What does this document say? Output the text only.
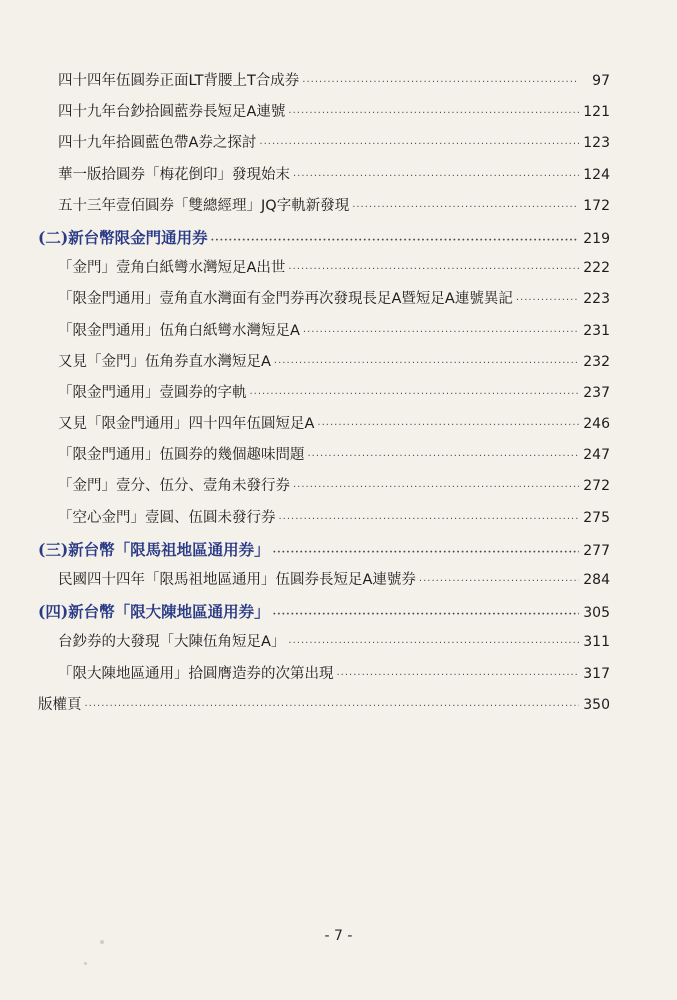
四十四年伍圓券正面LT背腰上T合成券 ·····	97
四十九年台鈔拾圓藍券長短足A連號 ·····	121
四十九年拾圓藍色帶A券之探討 ·····	123
華一版拾圓券「梅花倒印」發現始末 ·····	124
五十三年壹佰圓券「雙總經理」JQ字軌新發現 ·····	172
(二)新台幣限金門通用券 ·····	219
「金門」壹角白紙彎水灣短足A出世 ·····	222
「限金門通用」壹角直水灣面有金門券再次發現長足A暨短足A連號異記 ·····	223
「限金門通用」伍角白紙彎水灣短足A ·····	231
又見「金門」伍角券直水灣短足A ·····	232
「限金門通用」壹圓券的字軌 ·····	237
又見「限金門通用」四十四年伍圓短足A ·····	246
「限金門通用」伍圓券的幾個趣味問題 ·····	247
「金門」壹分、伍分、壹角未發行券 ·····	272
「空心金門」壹圓、伍圓未發行券 ·····	275
(三)新台幣「限馬祖地區通用券」 ·····	277
民國四十四年「限馬祖地區通用」伍圓券長短足A連號券 ·····	284
(四)新台幣「限大陳地區通用券」 ·····	305
台鈔券的大發現「大陳伍角短足A」 ·····	311
「限大陳地區通用」拾圓膺造券的次第出現 ·····	317
版權頁 ·····	350
- 7 -
